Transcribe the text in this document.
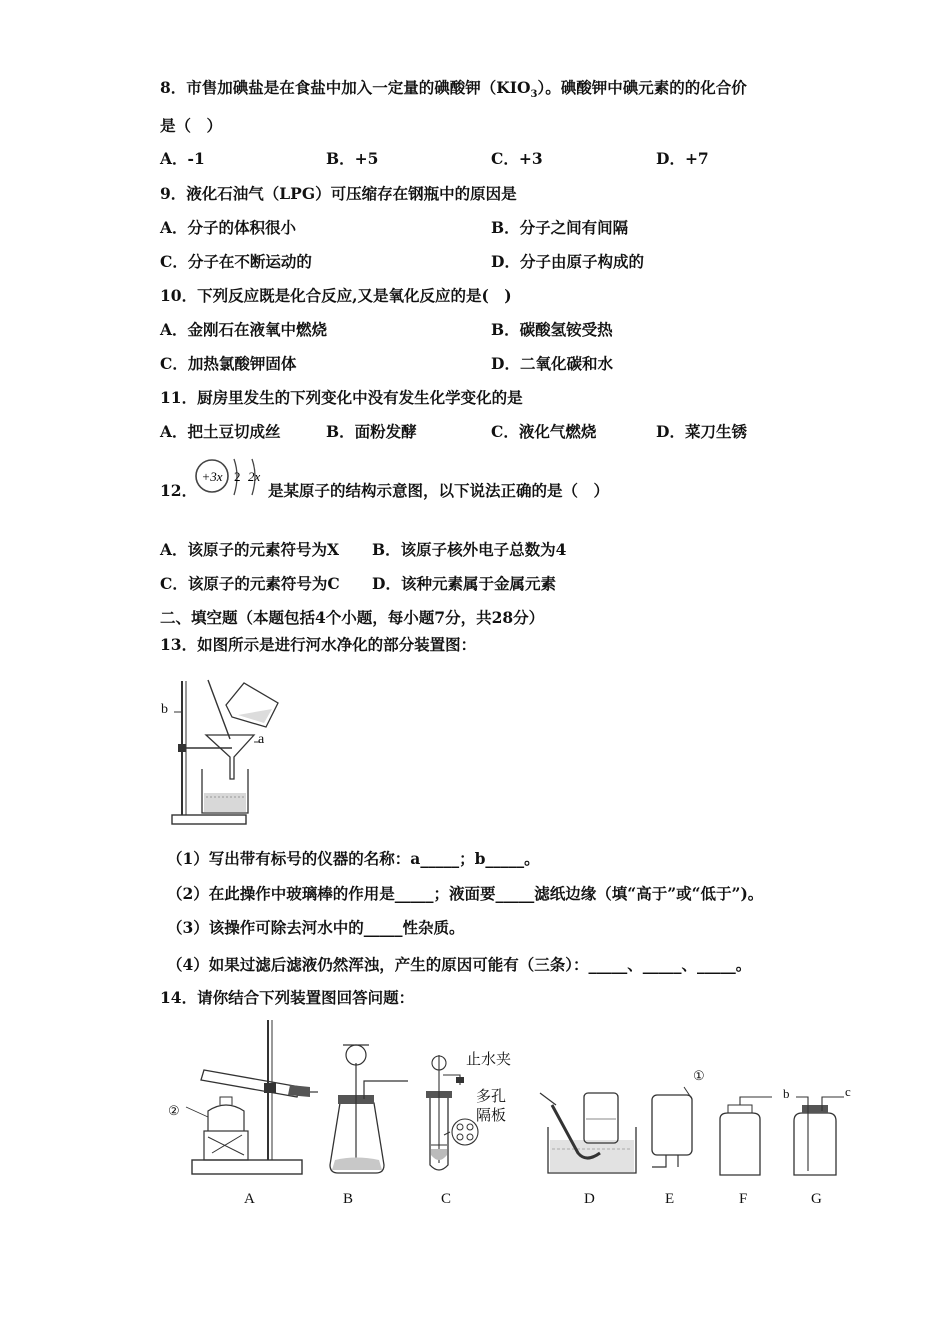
8．市售加碘盐是在食盐中加入一定量的碘酸钾$(KIO_3)$。碘酸钾中碘元素的的化合价
是（　）
A．-1	B．+5	C．+3	D．+7
9．液化石油气（LPG）可压缩存在钢瓶中的原因是
A．分子的体积很小	B．分子之间有间隔
C．分子在不断运动的	D．分子由原子构成的
10．下列反应既是化合反应,又是氧化反应的是(　)
A．金刚石在液氧中燃烧	B．碳酸氢铵受热
C．加热氯酸钾固体	D．二氧化碳和水
11．厨房里发生的下列变化中没有发生化学变化的是
A．把土豆切成丝	B．面粉发酵	C．液化气燃烧	D．菜刀生锈
12．
+3x 2 2x
是某原子的结构示意图，以下说法正确的是（　）
A．该原子的元素符号为X B．该原子核外电子总数为4
C．该原子的元素符号为C D．该种元素属于金属元素
二、填空题（本题包括4个小题，每小题7分，共28分）
13．如图所示是进行河水净化的部分装置图：
b
a
（1）写出带有标号的仪器的名称：a_____；b_____。
（2）在此操作中玻璃棒的作用是_____；液面要_____滤纸边缘（填“高于”或“低于”)。
（3）该操作可除去河水中的_____性杂质。
（4）如果过滤后滤液仍然浑浊，产生的原因可能有（三条）：_____、_____、_____。
14．请你结合下列装置图回答问题：
②
①
止水夹
多孔
隔板
b	c
A	B	C	D	E	F	G
